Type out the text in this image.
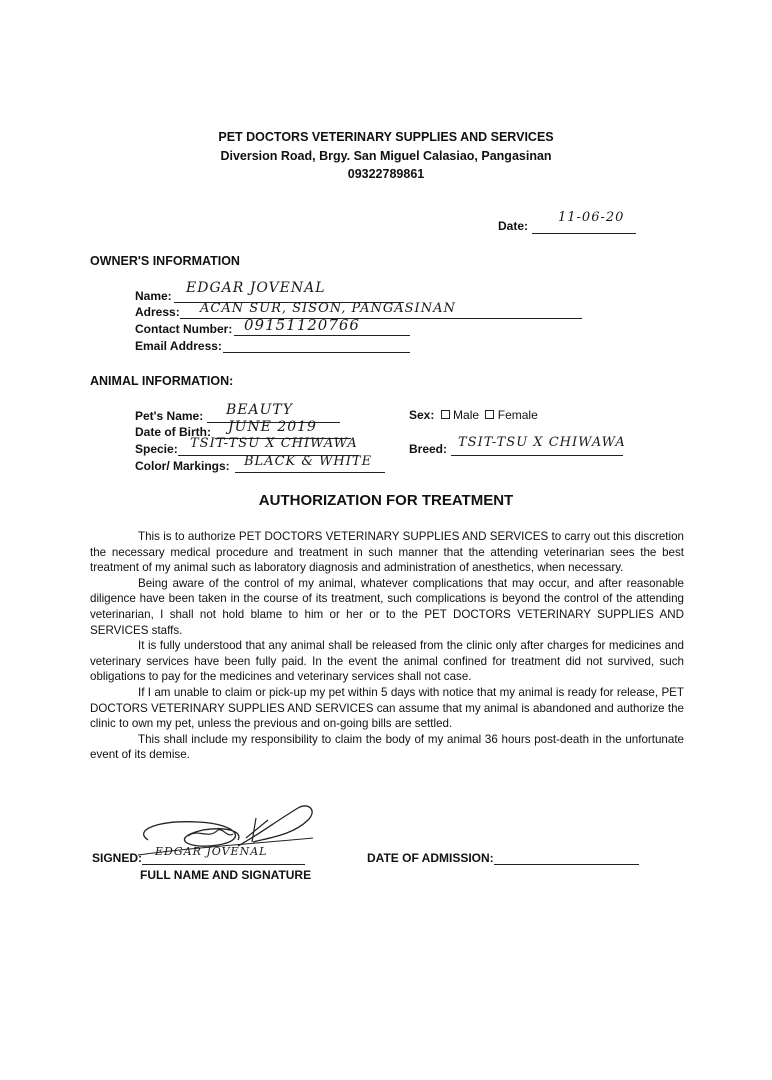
PET DOCTORS VETERINARY SUPPLIES AND SERVICES
Diversion Road, Brgy. San Miguel Calasiao, Pangasinan
09322789861
Date:
11-06-20
OWNER'S INFORMATION
Name: EDGAR JOVENAL
Adress: ACAN SUR, SISON, PANGASINAN
Contact Number: 09151120766
Email Address:
ANIMAL INFORMATION:
Pet's Name: BEAUTY
Date of Birth: JUNE 2019
Specie: TSIT-TSU X CHIWAWA
Color/ Markings: BLACK & WHITE
Sex: Male Female
Breed: TSIT-TSU X CHIWAWA
AUTHORIZATION FOR TREATMENT

This is to authorize PET DOCTORS VETERINARY SUPPLIES AND SERVICES to carry out this discretion the necessary medical procedure and treatment in such manner that the attending veterinarian sees the best treatment of my animal such as laboratory diagnosis and administration of anesthetics, when necessary.

Being aware of the control of my animal, whatever complications that may occur, and after reasonable diligence have been taken in the course of its treatment, such complications is beyond the control of the attending veterinarian, I shall not hold blame to him or her or to the PET DOCTORS VETERINARY SUPPLIES AND SERVICES staffs.

It is fully understood that any animal shall be released from the clinic only after charges for medicines and veterinary services have been fully paid. In the event the animal confined for treatment did not survived, such obligations to pay for the medicines and veterinary services shall not case.

If I am unable to claim or pick-up my pet within 5 days with notice that my animal is ready for release, PET DOCTORS VETERINARY SUPPLIES AND SERVICES can assume that my animal is abandoned and authorize the clinic to own my pet, unless the previous and on-going bills are settled.

This shall include my responsibility to claim the body of my animal 36 hours post-death in the unfortunate event of its demise.

SIGNED: EDGAR JOVENAL
FULL NAME AND SIGNATURE
DATE OF ADMISSION:
